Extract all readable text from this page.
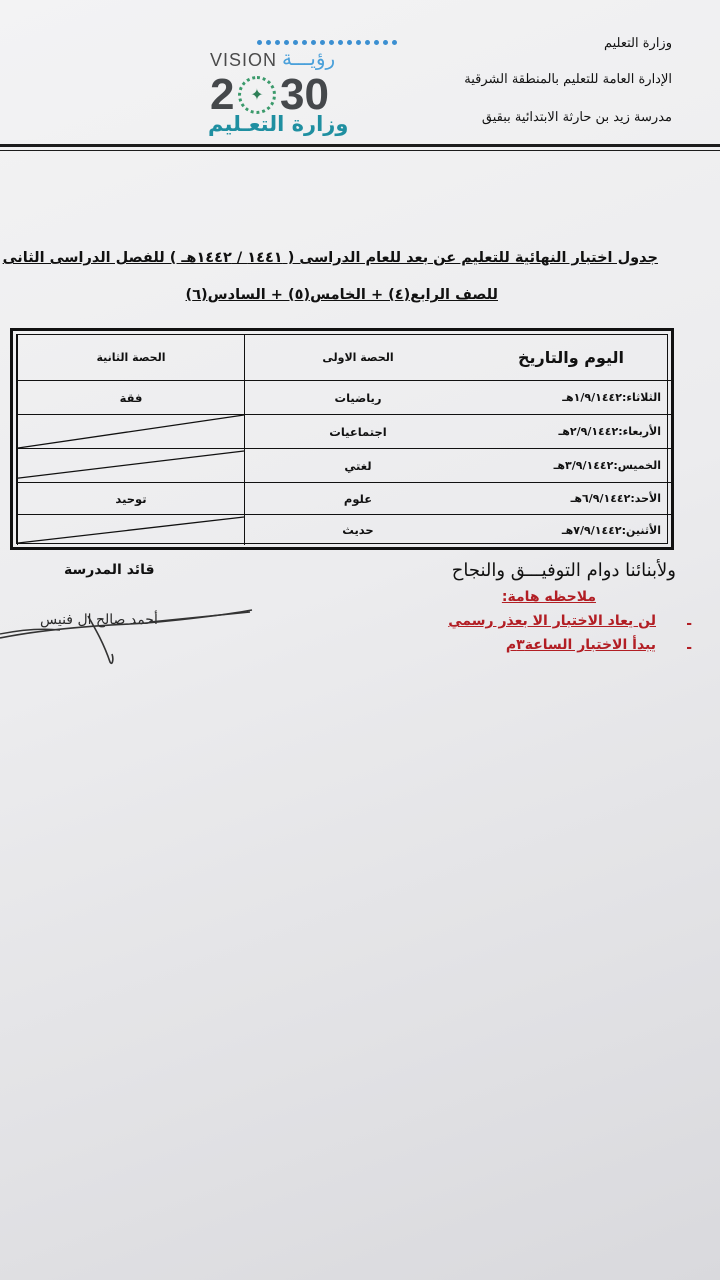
وزارة التعليم
الإدارة العامة للتعليم بالمنطقة الشرقية
مدرسة زيد بن حارثة الابتدائية ببقيق
VISION رؤيـــة
2 ✦ 30
وزارة التعـليم
جدول اختبار النهائية للتعليم عن بعد للعام الدراسى ( ١٤٤١ / ١٤٤٢هـ ) للفصل الدراسى الثانى
للصف الرابع(٤) + الخامس(٥) + السادس(٦)
اليوم والتاريخ
الحصة الاولى
الحصة الثانية
الثلاثاء:١/٩/١٤٤٢هـ
رياضيات
فقة
الأربعاء:٢/٩/١٤٤٢هـ
اجتماعيات
الخميس:٣/٩/١٤٤٢هـ
لغتي
الأحد:٦/٩/١٤٤٢هـ
علوم
توحيد
الأثنين:٧/٩/١٤٤٢هـ
حديث
ولأبنائنا دوام التوفيـــق والنجاح
قائد المدرسة
ملاحظه هامة:
-
لن يعاد الاختبار الا بعذر رسمي
-
يبدأ الاختبار الساعة٣م
أحمد صالح ال فنيس
